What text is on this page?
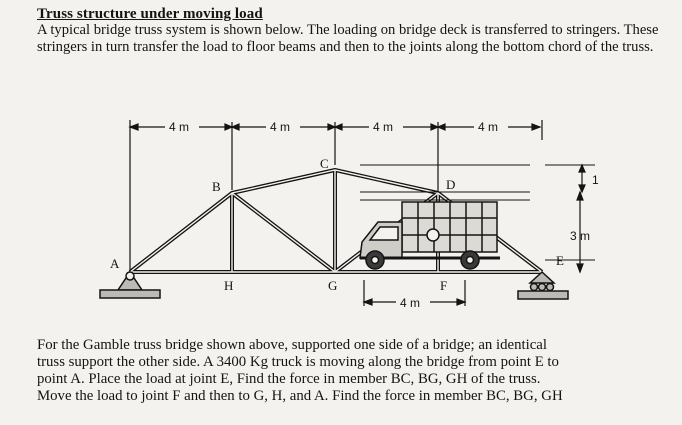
Truss structure under moving load
A typical bridge truss system is shown below. The loading on bridge deck is transferred to stringers. These stringers in turn transfer the load to floor beams and then to the joints along the bottom chord of the truss.
4 m	4 m	4 m	4 m
4 m
3 m
1
A
B
C
D
E
F
G
H

For the Gamble truss bridge shown above, supported one side of a bridge; an identical

truss support the other side. A 3400 Kg truck is moving along the bridge from point E to

point A. Place the load at joint E, Find the force in member BC, BG, GH of the truss.

Move the load to joint F and then to G, H, and A. Find the force in member BC, BG, GH
